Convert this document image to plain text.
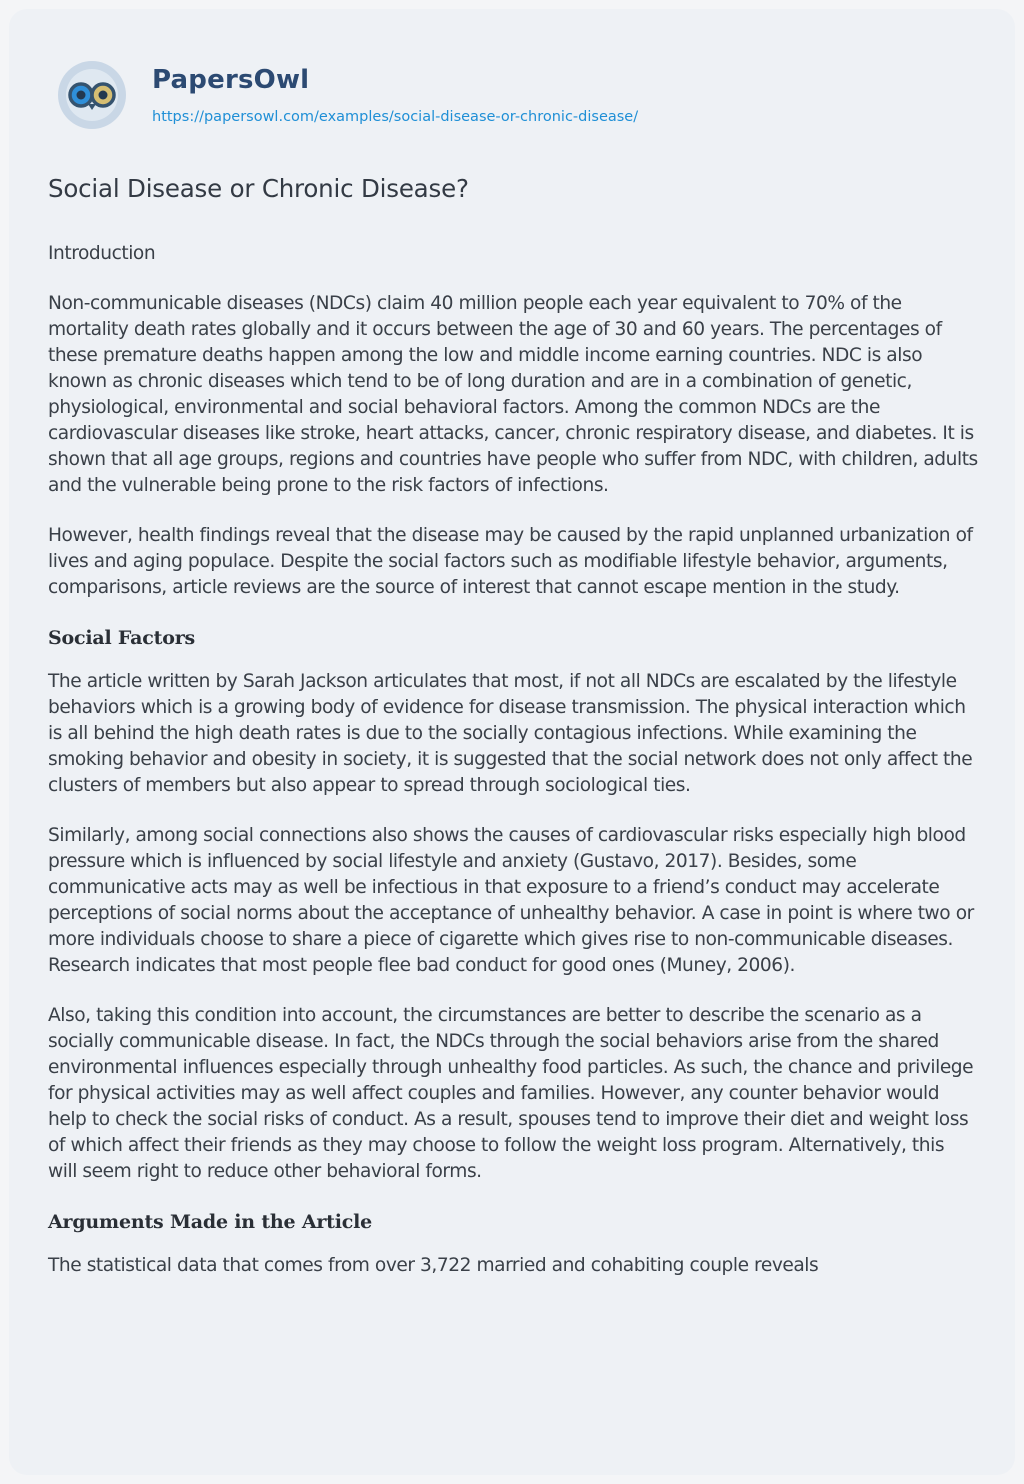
PapersOwl
https://papersowl.com/examples/social-disease-or-chronic-disease/
Social Disease or Chronic Disease?

Introduction

Non-communicable diseases (NDCs) claim 40 million people each year equivalent to 70% of the mortality death rates globally and it occurs between the age of 30 and 60 years. The percentages of these premature deaths happen among the low and middle income earning countries. NDC is also known as chronic diseases which tend to be of long duration and are in a combination of genetic, physiological, environmental and social behavioral factors. Among the common NDCs are the cardiovascular diseases like stroke, heart attacks, cancer, chronic respiratory disease, and diabetes. It is shown that all age groups, regions and countries have people who suffer from NDC, with children, adults and the vulnerable being prone to the risk factors of infections.

However, health findings reveal that the disease may be caused by the rapid unplanned urbanization of lives and aging populace. Despite the social factors such as modifiable lifestyle behavior, arguments, comparisons, article reviews are the source of interest that cannot escape mention in the study.

Social Factors

The article written by Sarah Jackson articulates that most, if not all NDCs are escalated by the lifestyle behaviors which is a growing body of evidence for disease transmission. The physical interaction which is all behind the high death rates is due to the socially contagious infections. While examining the smoking behavior and obesity in society, it is suggested that the social network does not only affect the clusters of members but also appear to spread through sociological ties.

Similarly, among social connections also shows the causes of cardiovascular risks especially high blood pressure which is influenced by social lifestyle and anxiety (Gustavo, 2017). Besides, some communicative acts may as well be infectious in that exposure to a friend’s conduct may accelerate perceptions of social norms about the acceptance of unhealthy behavior. A case in point is where two or more individuals choose to share a piece of cigarette which gives rise to non-communicable diseases. Research indicates that most people flee bad conduct for good ones (Muney, 2006).

Also, taking this condition into account, the circumstances are better to describe the scenario as a socially communicable disease. In fact, the NDCs through the social behaviors arise from the shared environmental influences especially through unhealthy food particles. As such, the chance and privilege for physical activities may as well affect couples and families. However, any counter behavior would help to check the social risks of conduct. As a result, spouses tend to improve their diet and weight loss of which affect their friends as they may choose to follow the weight loss program. Alternatively, this will seem right to reduce other behavioral forms.

Arguments Made in the Article

The statistical data that comes from over 3,722 married and cohabiting couple reveals
